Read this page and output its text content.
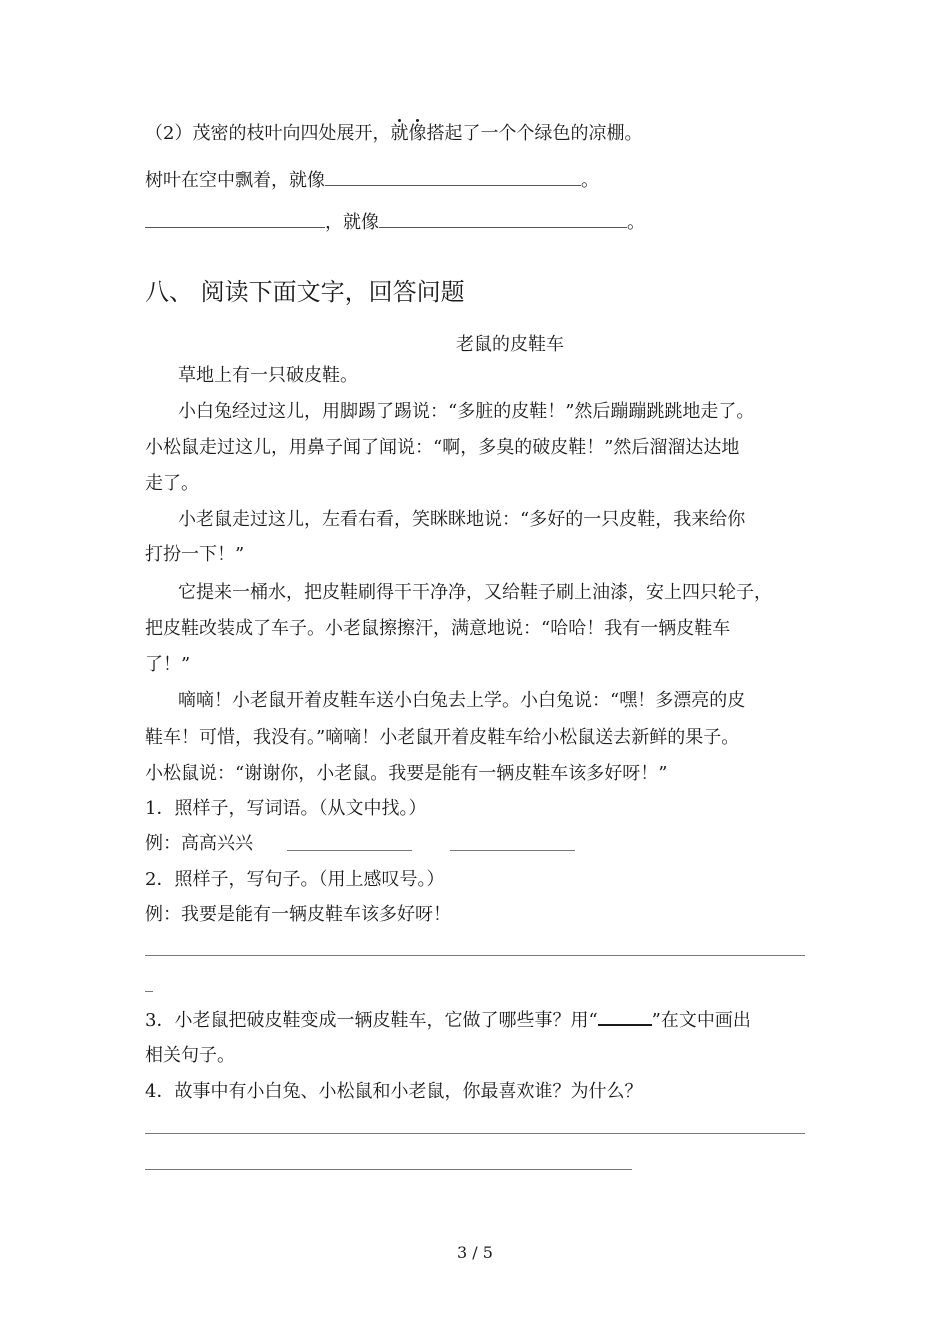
（2）茂密的枝叶向四处展开，就像搭起了一个个绿色的凉棚。
树叶在空中飘着，就像	。
，就像	。
八、 阅读下面文字，回答问题
老鼠的皮鞋车
草地上有一只破皮鞋。
小白兔经过这儿，用脚踢了踢说：“多脏的皮鞋！”然后蹦蹦跳跳地走了。
小松鼠走过这儿，用鼻子闻了闻说：“啊，多臭的破皮鞋！”然后溜溜达达地
走了。
小老鼠走过这儿，左看右看，笑眯眯地说：“多好的一只皮鞋，我来给你
打扮一下！”
它提来一桶水，把皮鞋刷得干干净净，又给鞋子刷上油漆，安上四只轮子，
把皮鞋改装成了车子。小老鼠擦擦汗，满意地说：“哈哈！我有一辆皮鞋车
了！”
嘀嘀！小老鼠开着皮鞋车送小白兔去上学。小白兔说：“嘿！多漂亮的皮
鞋车！可惜，我没有。”嘀嘀！小老鼠开着皮鞋车给小松鼠送去新鲜的果子。
小松鼠说：“谢谢你，小老鼠。我要是能有一辆皮鞋车该多好呀！”
1．照样子，写词语。（从文中找。）
例：高高兴兴
2．照样子，写句子。（用上感叹号。）
例：我要是能有一辆皮鞋车该多好呀！
3．小老鼠把破皮鞋变成一辆皮鞋车，它做了哪些事？用“	”在文中画出
相关句子。
4．故事中有小白兔、小松鼠和小老鼠，你最喜欢谁？为什么？
3 / 5
